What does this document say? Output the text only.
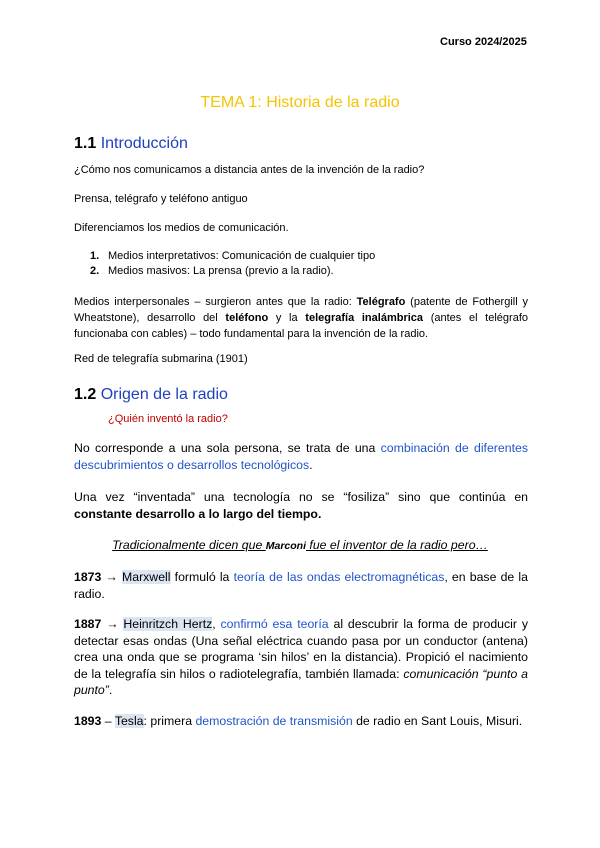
Curso 2024/2025
TEMA 1: Historia de la radio
1.1 Introducción
¿Cómo nos comunicamos a distancia antes de la invención de la radio?
Prensa, telégrafo y teléfono antiguo
Diferenciamos los medios de comunicación.
1. Medios interpretativos: Comunicación de cualquier tipo
2. Medios masivos: La prensa (previo a la radio).
Medios interpersonales – surgieron antes que la radio: Telégrafo (patente de Fothergill y Wheatstone), desarrollo del teléfono y la telegrafía inalámbrica (antes el telégrafo funcionaba con cables) – todo fundamental para la invención de la radio.
Red de telegrafía submarina (1901)
1.2 Origen de la radio
¿Quién inventó la radio?
No corresponde a una sola persona, se trata de una combinación de diferentes descubrimientos o desarrollos tecnológicos.
Una vez “inventada” una tecnología no se “fosiliza” sino que continúa en constante desarrollo a lo largo del tiempo.
Tradicionalmente dicen que Marconi fue el inventor de la radio pero…
1873 → Marxwell formuló la teoría de las ondas electromagnéticas, en base de la radio.
1887 → Heinritzch Hertz, confirmó esa teoría al descubrir la forma de producir y detectar esas ondas (Una señal eléctrica cuando pasa por un conductor (antena) crea una onda que se programa ‘sin hilos’ en la distancia). Propició el nacimiento de la telegrafía sin hilos o radiotelegrafía, también llamada: comunicación “punto a punto”.
1893 – Tesla: primera demostración de transmisión de radio en Sant Louis, Misuri.
